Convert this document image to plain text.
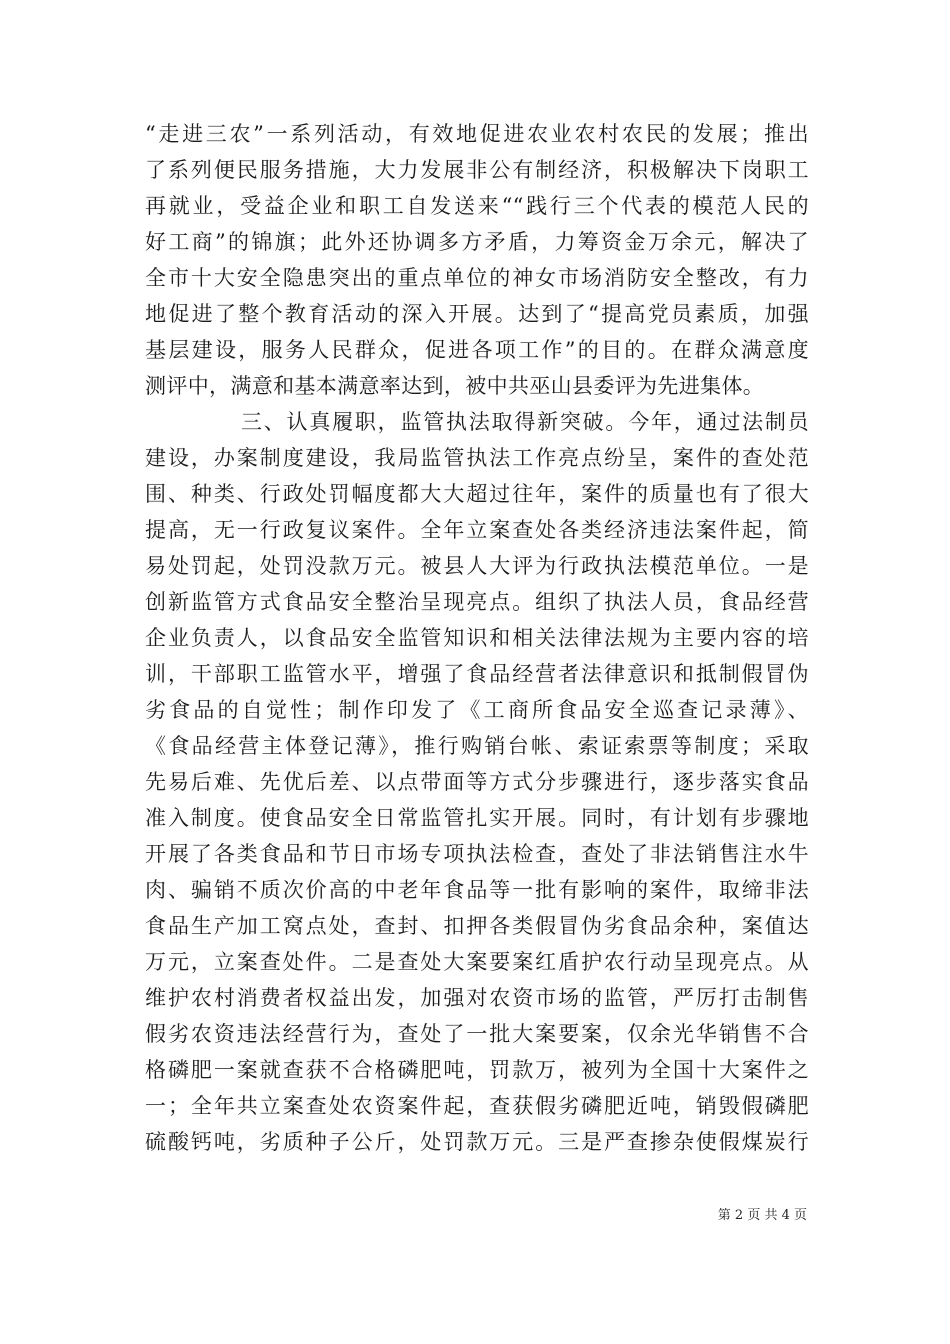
“走进三农”一系列活动，有效地促进农业农村农民的发展；推出
了系列便民服务措施，大力发展非公有制经济，积极解决下岗职工
再就业，受益企业和职工自发送来““践行三个代表的模范人民的
好工商”的锦旗；此外还协调多方矛盾，力筹资金万余元，解决了
全市十大安全隐患突出的重点单位的神女市场消防安全整改，有力
地促进了整个教育活动的深入开展。达到了“提高党员素质，加强
基层建设，服务人民群众，促进各项工作”的目的。在群众满意度
测评中，满意和基本满意率达到，被中共巫山县委评为先进集体。
三、认真履职，监管执法取得新突破。今年，通过法制员
建设，办案制度建设，我局监管执法工作亮点纷呈，案件的查处范
围、种类、行政处罚幅度都大大超过往年，案件的质量也有了很大
提高，无一行政复议案件。全年立案查处各类经济违法案件起，简
易处罚起，处罚没款万元。被县人大评为行政执法模范单位。一是
创新监管方式食品安全整治呈现亮点。组织了执法人员，食品经营
企业负责人，以食品安全监管知识和相关法律法规为主要内容的培
训，干部职工监管水平，增强了食品经营者法律意识和抵制假冒伪
劣食品的自觉性；制作印发了《工商所食品安全巡查记录薄》、
《食品经营主体登记薄》，推行购销台帐、索证索票等制度；采取
先易后难、先优后差、以点带面等方式分步骤进行，逐步落实食品
准入制度。使食品安全日常监管扎实开展。同时，有计划有步骤地
开展了各类食品和节日市场专项执法检查，查处了非法销售注水牛
肉、骗销不质次价高的中老年食品等一批有影响的案件，取缔非法
食品生产加工窝点处，查封、扣押各类假冒伪劣食品余种，案值达
万元，立案查处件。二是查处大案要案红盾护农行动呈现亮点。从
维护农村消费者权益出发，加强对农资市场的监管，严厉打击制售
假劣农资违法经营行为，查处了一批大案要案，仅余光华销售不合
格磷肥一案就查获不合格磷肥吨，罚款万，被列为全国十大案件之
一；全年共立案查处农资案件起，查获假劣磷肥近吨，销毁假磷肥
硫酸钙吨，劣质种子公斤，处罚款万元。三是严查掺杂使假煤炭行
第 2 页 共 4 页
